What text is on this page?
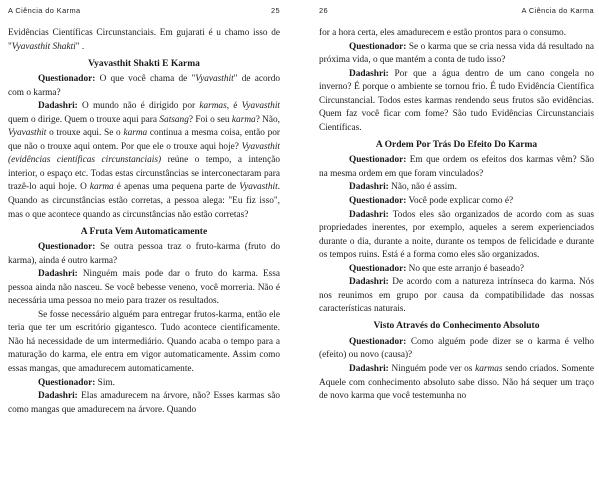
A Ciência do Karma	25

Evidências Científicas Circunstanciais. Em gujarati é u chamo isso de "Vyavasthit Shakti" .

Vyavasthit Shakti E Karma

Questionador: O que você chama de "Vyavasthit" de acordo com o karma?

Dadashri: O mundo não é dirigido por karmas, é Vyavasthit quem o dirige. Quem o trouxe aqui para Satsang? Foi o seu karma? Não, Vyavasthit o trouxe aqui. Se o karma continua a mesma coisa, então por que não o trouxe aqui ontem. Por que ele o trouxe aqui hoje? Vyavasthit (evidências científicas circunstanciais) reúne o tempo, a intenção interior, o espaço etc. Todas estas circunstâncias se interconectaram para trazê-lo aqui hoje. O karma é apenas uma pequena parte de Vyavasthit. Quando as circunstâncias estão corretas, a pessoa alega: "Eu fiz isso", mas o que acontece quando as circunstâncias não estão corretas?

A Fruta Vem Automaticamente

Questionador: Se outra pessoa traz o fruto-karma (fruto do karma), ainda é outro karma?

Dadashri: Ninguém mais pode dar o fruto do karma. Essa pessoa ainda não nasceu. Se você bebesse veneno, você morreria. Não é necessária uma pessoa no meio para trazer os resultados.

Se fosse necessário alguém para entregar frutos-karma, então ele teria que ter um escritório gigantesco. Tudo acontece cientificamente. Não há necessidade de um intermediário. Quando acaba o tempo para a maturação do karma, ele entra em vigor automaticamente. Assim como essas mangas, que amadurecem automaticamente.

Questionador: Sim.

Dadashri: Elas amadurecem na árvore, não? Esses karmas são como mangas que amadurecem na árvore. Quando

26	A Ciência do Karma

for a hora certa, eles amadurecem e estão prontos para o consumo.

Questionador: Se o karma que se cria nessa vida dá resultado na próxima vida, o que mantém a conta de tudo isso?

Dadashri: Por que a água dentro de um cano congela no inverno? É porque o ambiente se tornou frio. É tudo Evidência Científica Circunstancial. Todos estes karmas rendendo seus frutos são evidências. Quem faz você ficar com fome? São tudo Evidências Circunstanciais Científicas.

A Ordem Por Trás Do Efeito Do Karma

Questionador: Em que ordem os efeitos dos karmas vêm? São na mesma ordem em que foram vinculados?

Dadashri: Não, não é assim.

Questionador: Você pode explicar como é?

Dadashri: Todos eles são organizados de acordo com as suas propriedades inerentes, por exemplo, aqueles a serem experienciados durante o dia, durante a noite, durante os tempos de felicidade e durante os tempos ruins. Está é a forma como eles são organizados.

Questionador: No que este arranjo é baseado?

Dadashri: De acordo com a natureza intrínseca do karma. Nós nos reunimos em grupo por causa da compatibilidade das nossas características naturais.

Visto Através do Conhecimento Absoluto

Questionador: Como alguém pode dizer se o karma é velho (efeito) ou novo (causa)?

Dadashri: Ninguém pode ver os karmas sendo criados. Somente Aquele com conhecimento absoluto sabe disso. Não há sequer um traço de novo karma que você testemunha no
